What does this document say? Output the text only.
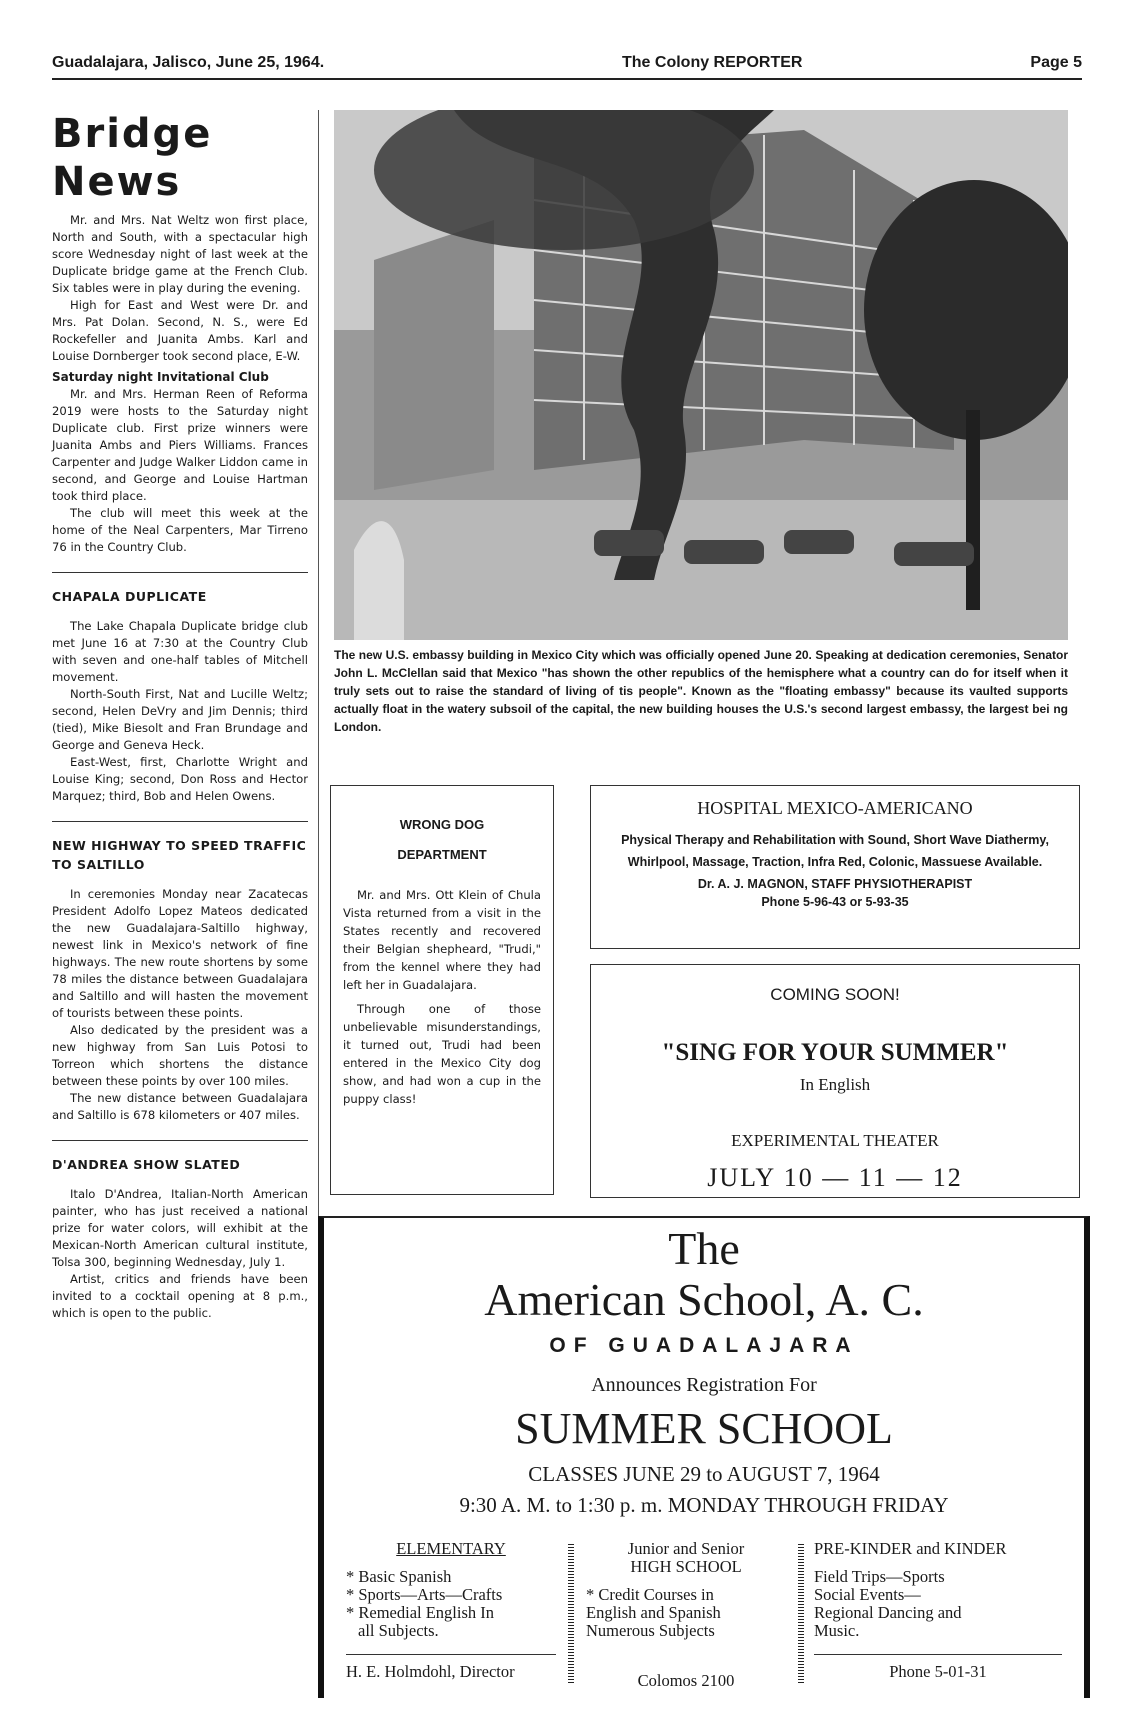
Guadalajara, Jalisco, June 25, 1964.	The Colony REPORTER	Page 5
Bridge News

Mr. and Mrs. Nat Weltz won first place, North and South, with a spectacular high score Wednesday night of last week at the Duplicate bridge game at the French Club. Six tables were in play during the evening.

High for East and West were Dr. and Mrs. Pat Dolan. Second, N. S., were Ed Rockefeller and Juanita Ambs. Karl and Louise Dornberger took second place, E-W.

Saturday night Invitational Club

Mr. and Mrs. Herman Reen of Reforma 2019 were hosts to the Saturday night Duplicate club. First prize winners were Juanita Ambs and Piers Williams. Frances Carpenter and Judge Walker Liddon came in second, and George and Louise Hartman took third place.

The club will meet this week at the home of the Neal Carpenters, Mar Tirreno 76 in the Country Club.

CHAPALA DUPLICATE

The Lake Chapala Duplicate bridge club met June 16 at 7:30 at the Country Club with seven and one-half tables of Mitchell movement.

North-South First, Nat and Lucille Weltz; second, Helen DeVry and Jim Dennis; third (tied), Mike Biesolt and Fran Brundage and George and Geneva Heck.

East-West, first, Charlotte Wright and Louise King; second, Don Ross and Hector Marquez; third, Bob and Helen Owens.

NEW HIGHWAY TO SPEED TRAFFIC TO SALTILLO

In ceremonies Monday near Zacatecas President Adolfo Lopez Mateos dedicated the new Guadalajara-Saltillo highway, newest link in Mexico's network of fine highways. The new route shortens by some 78 miles the distance between Guadalajara and Saltillo and will hasten the movement of tourists between these points.

Also dedicated by the president was a new highway from San Luis Potosi to Torreon which shortens the distance between these points by over 100 miles.

The new distance between Guadalajara and Saltillo is 678 kilometers or 407 miles.

D'ANDREA SHOW SLATED

Italo D'Andrea, Italian-North American painter, who has just received a national prize for water colors, will exhibit at the Mexican-North American cultural institute, Tolsa 300, beginning Wednesday, July 1.

Artist, critics and friends have been invited to a cocktail opening at 8 p.m., which is open to the public.

The new U.S. embassy building in Mexico City which was officially opened June 20. Speaking at dedication ceremonies, Senator John L. McClellan said that Mexico "has shown the other republics of the hemisphere what a country can do for itself when it truly sets out to raise the standard of living of tis people". Known as the "floating embassy" because its vaulted supports actually float in the watery subsoil of the capital, the new building houses the U.S.'s second largest embassy, the largest bei ng London.
WRONG DOG
DEPARTMENT

Mr. and Mrs. Ott Klein of Chula Vista returned from a visit in the States recently and recovered their Belgian shepheard, "Trudi," from the kennel where they had left her in Guadalajara.

Through one of those unbelievable misunderstandings, it turned out, Trudi had been entered in the Mexico City dog show, and had won a cup in the puppy class!

HOSPITAL MEXICO-AMERICANO
Physical Therapy and Rehabilitation with Sound, Short Wave Diathermy, Whirlpool, Massage, Traction, Infra Red, Colonic, Massuese Available.
Dr. A. J. MAGNON, STAFF PHYSIOTHERAPIST
Phone 5-96-43 or 5-93-35
COMING SOON!
"SING FOR YOUR SUMMER"
In English
EXPERIMENTAL THEATER
JULY 10 — 11 — 12
The
American School, A. C.
OF GUADALAJARA
Announces Registration For
SUMMER SCHOOL
CLASSES JUNE 29 to AUGUST 7, 1964
9:30 A. M. to 1:30 p. m. MONDAY THROUGH FRIDAY
ELEMENTARY
* Basic Spanish
* Sports—Arts—Crafts
* Remedial English In
all Subjects.
H. E. Holmdohl, Director
Junior and Senior
HIGH SCHOOL
* Credit Courses in
English and Spanish
Numerous Subjects
Colomos 2100
PRE-KINDER and KINDER
Field Trips—Sports
Social Events—
Regional Dancing and
Music.
Phone 5-01-31
